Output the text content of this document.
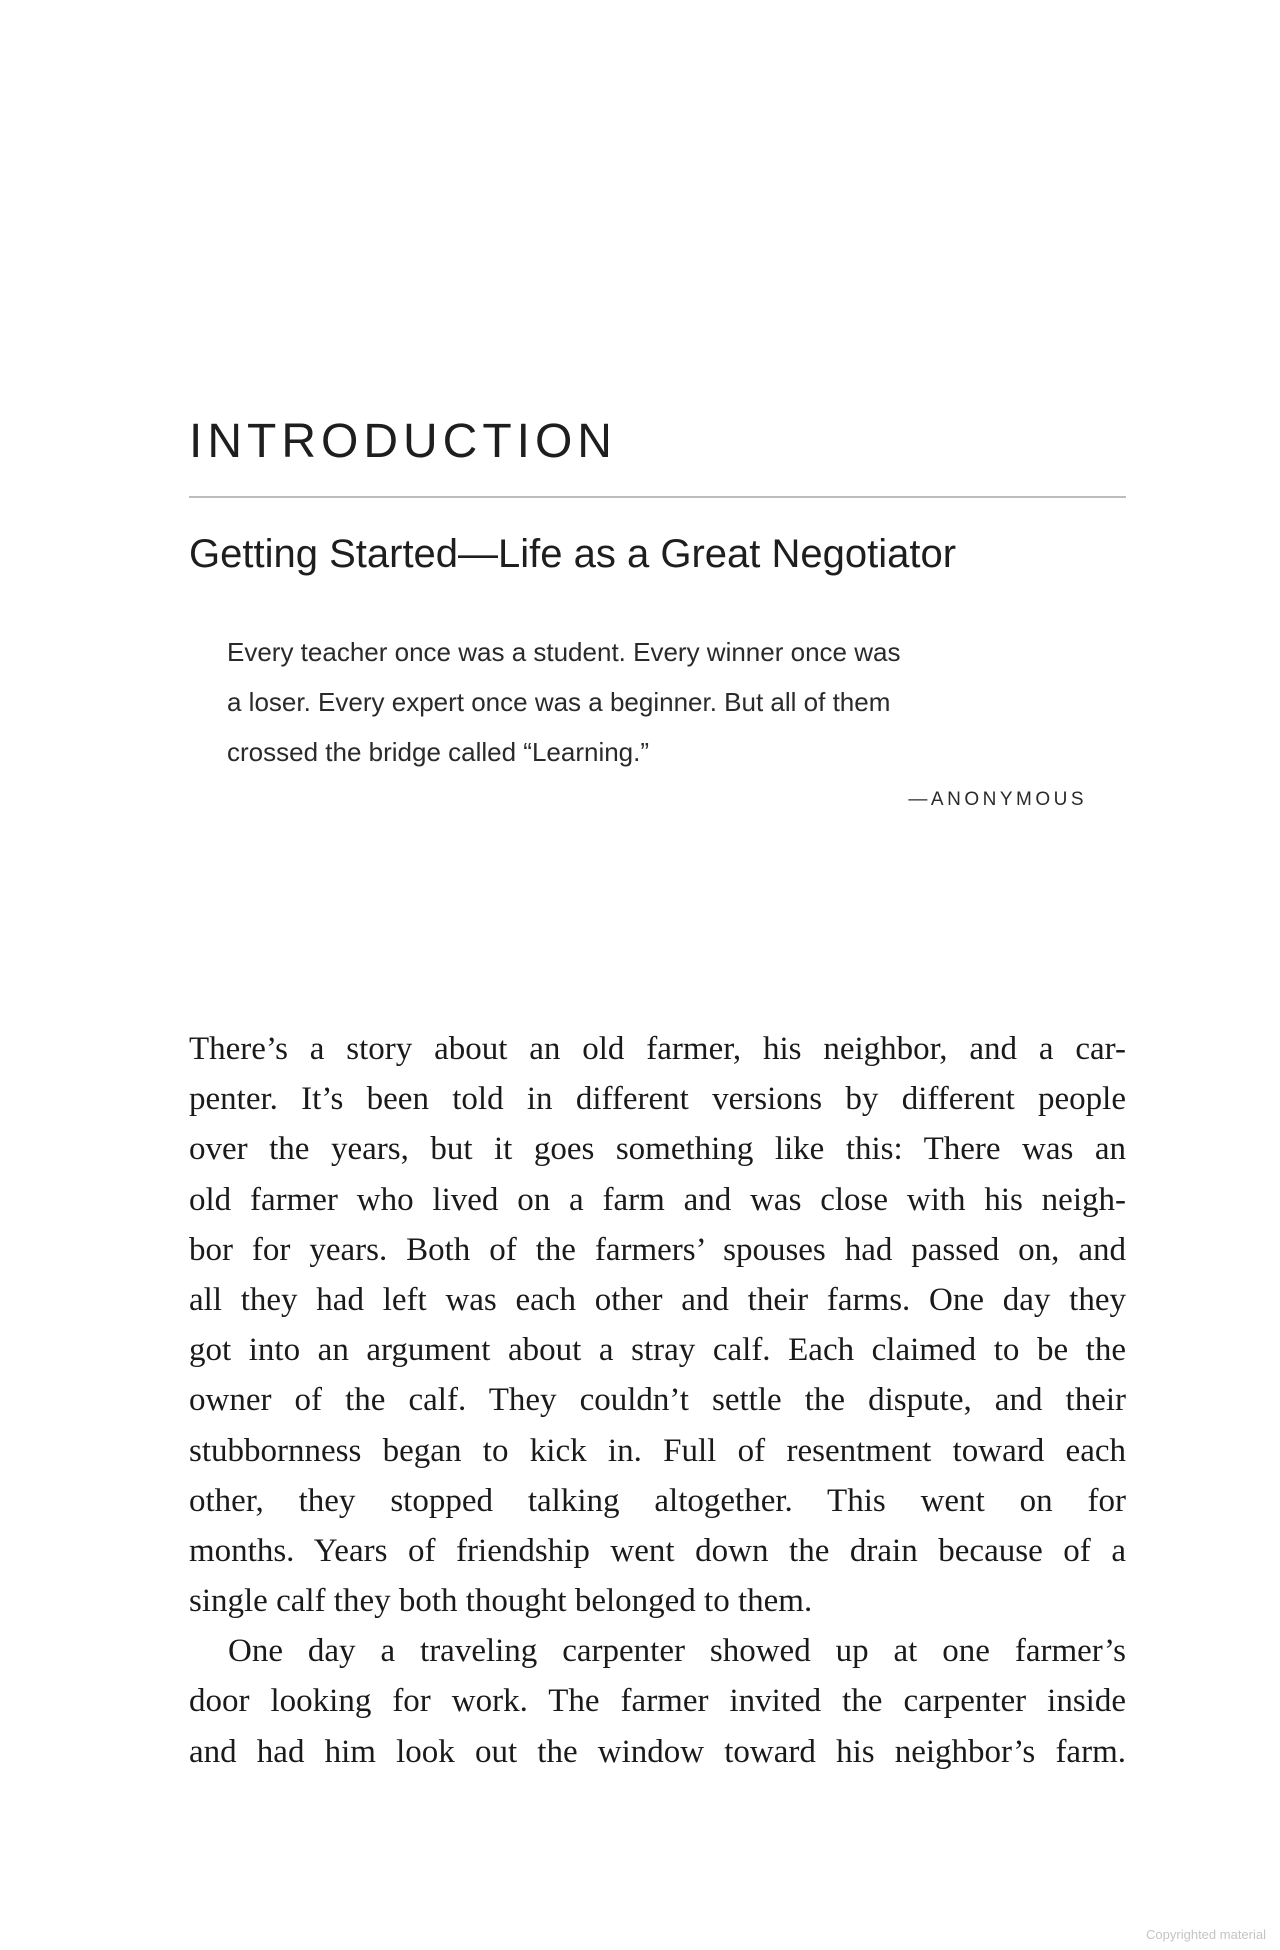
INTRODUCTION
Getting Started—Life as a Great Negotiator
Every teacher once was a student. Every winner once was
a loser. Every expert once was a beginner. But all of them
crossed the bridge called “Learning.”
—ANONYMOUS
There’s a story about an old farmer, his neighbor, and a car-
penter. It’s been told in different versions by different people
over the years, but it goes something like this: There was an
old farmer who lived on a farm and was close with his neigh-
bor for years. Both of the farmers’ spouses had passed on, and
all they had left was each other and their farms. One day they
got into an argument about a stray calf. Each claimed to be the
owner of the calf. They couldn’t settle the dispute, and their
stubbornness began to kick in. Full of resentment toward each
other, they stopped talking altogether. This went on for
months. Years of friendship went down the drain because of a
single calf they both thought belonged to them.
One day a traveling carpenter showed up at one farmer’s
door looking for work. The farmer invited the carpenter inside
and had him look out the window toward his neighbor’s farm.
Copyrighted material
